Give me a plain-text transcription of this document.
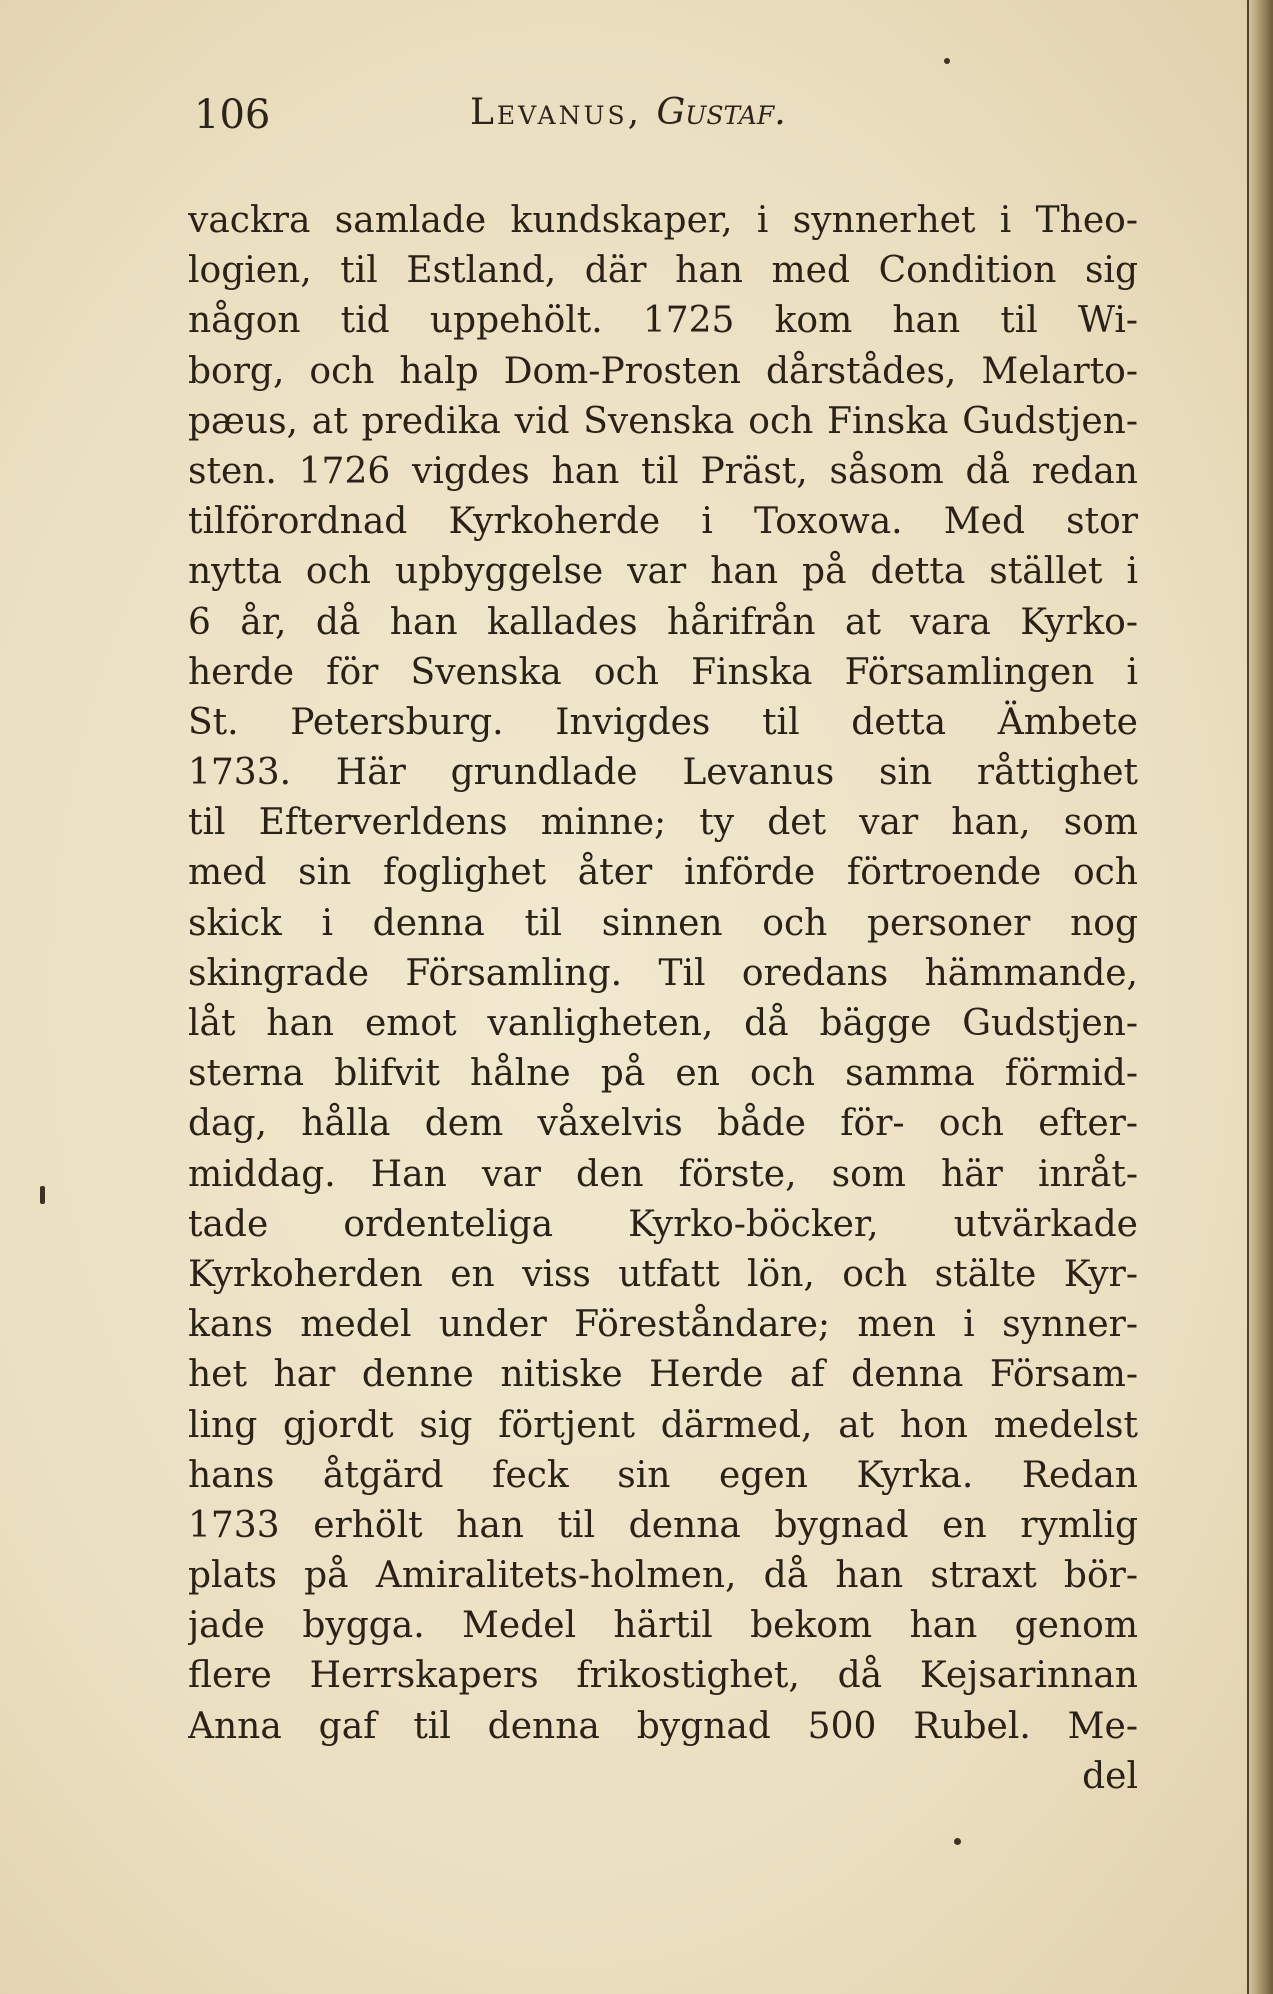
106	Levanus, Gustaf.
vackra samlade kundskaper, i synnerhet i Theo-
logien, til Estland, där han med Condition sig
någon tid uppehölt. 1725 kom han til Wi-
borg, och halp Dom-Prosten dårstådes, Melarto-
pæus, at predika vid Svenska och Finska Gudstjen-
sten. 1726 vigdes han til Präst, såsom då redan
tilförordnad Kyrkoherde i Toxowa. Med stor
nytta och upbyggelse var han på detta stället i
6 år, då han kallades hårifrån at vara Kyrko-
herde för Svenska och Finska Församlingen i
St. Petersburg. Invigdes til detta Ämbete
1733. Här grundlade Levanus sin råttighet
til Efterverldens minne; ty det var han, som
med sin foglighet åter införde förtroende och
skick i denna til sinnen och personer nog
skingrade Församling. Til oredans hämmande,
låt han emot vanligheten, då bägge Gudstjen-
sterna blifvit hålne på en och samma förmid-
dag, hålla dem våxelvis både för- och efter-
middag. Han var den förste, som här inråt-
tade ordenteliga Kyrko-böcker, utvärkade
Kyrkoherden en viss utfatt lön, och stälte Kyr-
kans medel under Föreståndare; men i synner-
het har denne nitiske Herde af denna Försam-
ling gjordt sig förtjent därmed, at hon medelst
hans åtgärd feck sin egen Kyrka. Redan
1733 erhölt han til denna bygnad en rymlig
plats på Amiralitets-holmen, då han straxt bör-
jade bygga. Medel härtil bekom han genom
flere Herrskapers frikostighet, då Kejsarinnan
Anna gaf til denna bygnad 500 Rubel. Me-
del
